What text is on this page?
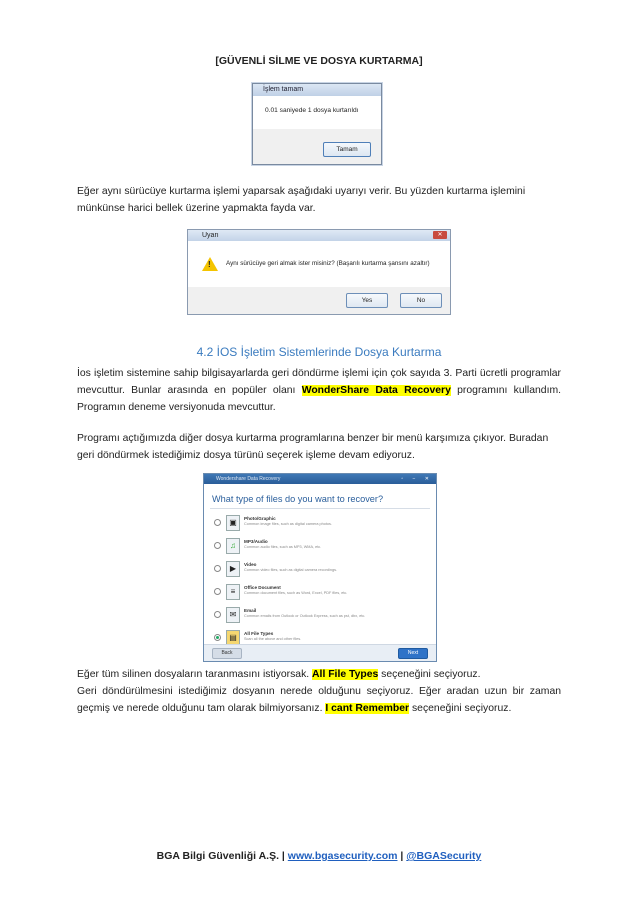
[GÜVENLİ SİLME VE DOSYA KURTARMA]
İşlem tamam
0.01 saniyede 1 dosya kurtarıldı
Tamam
Eğer aynı sürücüye kurtarma işlemi yaparsak aşağıdaki uyarıyı verir. Bu yüzden kurtarma işlemini münkünse harici bellek üzerine yapmakta fayda var.
Uyarı	✕
! Aynı sürücüye geri almak ister misiniz? (Başarılı kurtarma şansını azaltır)
Yes	No
4.2 İOS İşletim Sistemlerinde Dosya Kurtarma
İos işletim sistemine sahip bilgisayarlarda geri döndürme işlemi için çok sayıda 3. Parti ücretli programlar mevcuttur. Bunlar arasında en popüler olanı WonderShare Data Recovery programını kullandım. Programın deneme versiyonuda mevcuttur.
Programı açtığımızda diğer dosya kurtarma programlarına benzer bir menü karşımıza çıkıyor. Buradan geri döndürmek istediğimiz dosya türünü seçerek işleme devam ediyoruz.
Wondershare Data Recovery	▫ − ✕
What type of files do you want to recover?
▣	Photo/Graphic
Common image files, such as digital camera photos.
♫	MP3/Audio
Common audio files, such as MP3, WMA, etc.
▶	Video
Common video files, such as digital camera recordings.
≡	Office Document
Common document files, such as Word, Excel, PDF files, etc.
✉	Email
Common emails from Outlook or Outlook Express, such as pst, dbx, etc.
▤	All File Types
Scan all the above and other files.
Back	Next
Eğer tüm silinen dosyaların taranmasını istiyorsak. All File Types seçeneğini seçiyoruz.
Geri döndürülmesini istediğimiz dosyanın nerede olduğunu seçiyoruz. Eğer aradan uzun bir zaman geçmiş ve nerede olduğunu tam olarak bilmiyorsanız. I cant Remember seçeneğini seçiyoruz.
BGA Bilgi Güvenliği A.Ş. | www.bgasecurity.com | @BGASecurity
